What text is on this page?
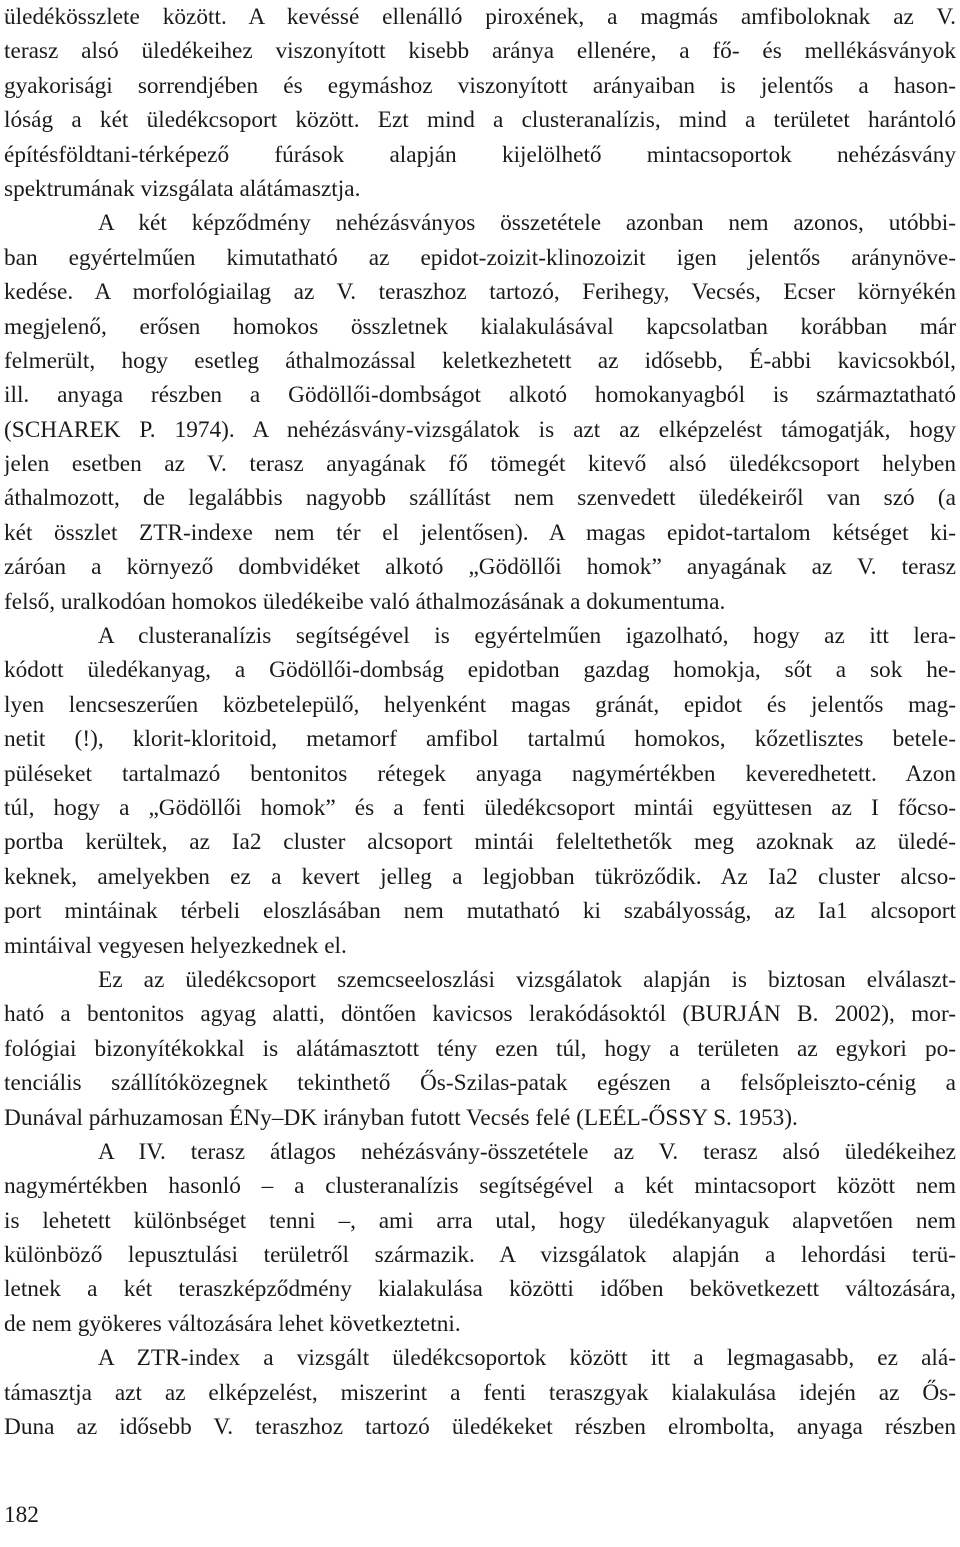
üledékösszlete között. A kevéssé ellenálló piroxének, a magmás amfiboloknak az V.
terasz alsó üledékeihez viszonyított kisebb aránya ellenére, a fő- és mellékásványok
gyakorisági sorrendjében és egymáshoz viszonyított arányaiban is jelentős a hason-
lóság a két üledékcsoport között. Ezt mind a clusteranalízis, mind a területet harántoló
építésföldtani-térképező fúrások alapján kijelölhető mintacsoportok nehézásvány
spektrumának vizsgálata alátámasztja.
A két képződmény nehézásványos összetétele azonban nem azonos, utóbbi-
ban egyértelműen kimutatható az epidot-zoizit-klinozoizit igen jelentős aránynöve-
kedése. A morfológiailag az V. teraszhoz tartozó, Ferihegy, Vecsés, Ecser környékén
megjelenő, erősen homokos összletnek kialakulásával kapcsolatban korábban már
felmerült, hogy esetleg áthalmozással keletkezhetett az idősebb, É-abbi kavicsokból,
ill. anyaga részben a Gödöllői-dombságot alkotó homokanyagból is származtatható
(SCHAREK P. 1974). A nehézásvány-vizsgálatok is azt az elképzelést támogatják, hogy
jelen esetben az V. terasz anyagának fő tömegét kitevő alsó üledékcsoport helyben
áthalmozott, de legalábbis nagyobb szállítást nem szenvedett üledékeiről van szó (a
két összlet ZTR-indexe nem tér el jelentősen). A magas epidot-tartalom kétséget ki-
záróan a környező dombvidéket alkotó „Gödöllői homok” anyagának az V. terasz
felső, uralkodóan homokos üledékeibe való áthalmozásának a dokumentuma.
A clusteranalízis segítségével is egyértelműen igazolható, hogy az itt lera-
kódott üledékanyag, a Gödöllői-dombság epidotban gazdag homokja, sőt a sok he-
lyen lencseszerűen közbetelepülő, helyenként magas gránát, epidot és jelentős mag-
netit (!), klorit-kloritoid, metamorf amfibol tartalmú homokos, kőzetlisztes betele-
püléseket tartalmazó bentonitos rétegek anyaga nagymértékben keveredhetett. Azon
túl, hogy a „Gödöllői homok” és a fenti üledékcsoport mintái együttesen az I főcso-
portba kerültek, az Ia2 cluster alcsoport mintái feleltethetők meg azoknak az üledé-
keknek, amelyekben ez a kevert jelleg a legjobban tükröződik. Az Ia2 cluster alcso-
port mintáinak térbeli eloszlásában nem mutatható ki szabályosság, az Ia1 alcsoport
mintáival vegyesen helyezkednek el.
Ez az üledékcsoport szemcseeloszlási vizsgálatok alapján is biztosan elválaszt-
ható a bentonitos agyag alatti, döntően kavicsos lerakódásoktól (BURJÁN B. 2002), mor-
fológiai bizonyítékokkal is alátámasztott tény ezen túl, hogy a területen az egykori po-
tenciális szállítóközegnek tekinthető Ős-Szilas-patak egészen a felsőpleiszto-cénig a
Dunával párhuzamosan ÉNy–DK irányban futott Vecsés felé (LEÉL-ŐSSY S. 1953).
A IV. terasz átlagos nehézásvány-összetétele az V. terasz alsó üledékeihez
nagymértékben hasonló – a clusteranalízis segítségével a két mintacsoport között nem
is lehetett különbséget tenni –, ami arra utal, hogy üledékanyaguk alapvetően nem
különböző lepusztulási területről származik. A vizsgálatok alapján a lehordási terü-
letnek a két teraszképződmény kialakulása közötti időben bekövetkezett változására,
de nem gyökeres változására lehet következtetni.
A ZTR-index a vizsgált üledékcsoportok között itt a legmagasabb, ez alá-
támasztja azt az elképzelést, miszerint a fenti teraszgyak kialakulása idején az Ős-
Duna az idősebb V. teraszhoz tartozó üledékeket részben elrombolta, anyaga részben
182
